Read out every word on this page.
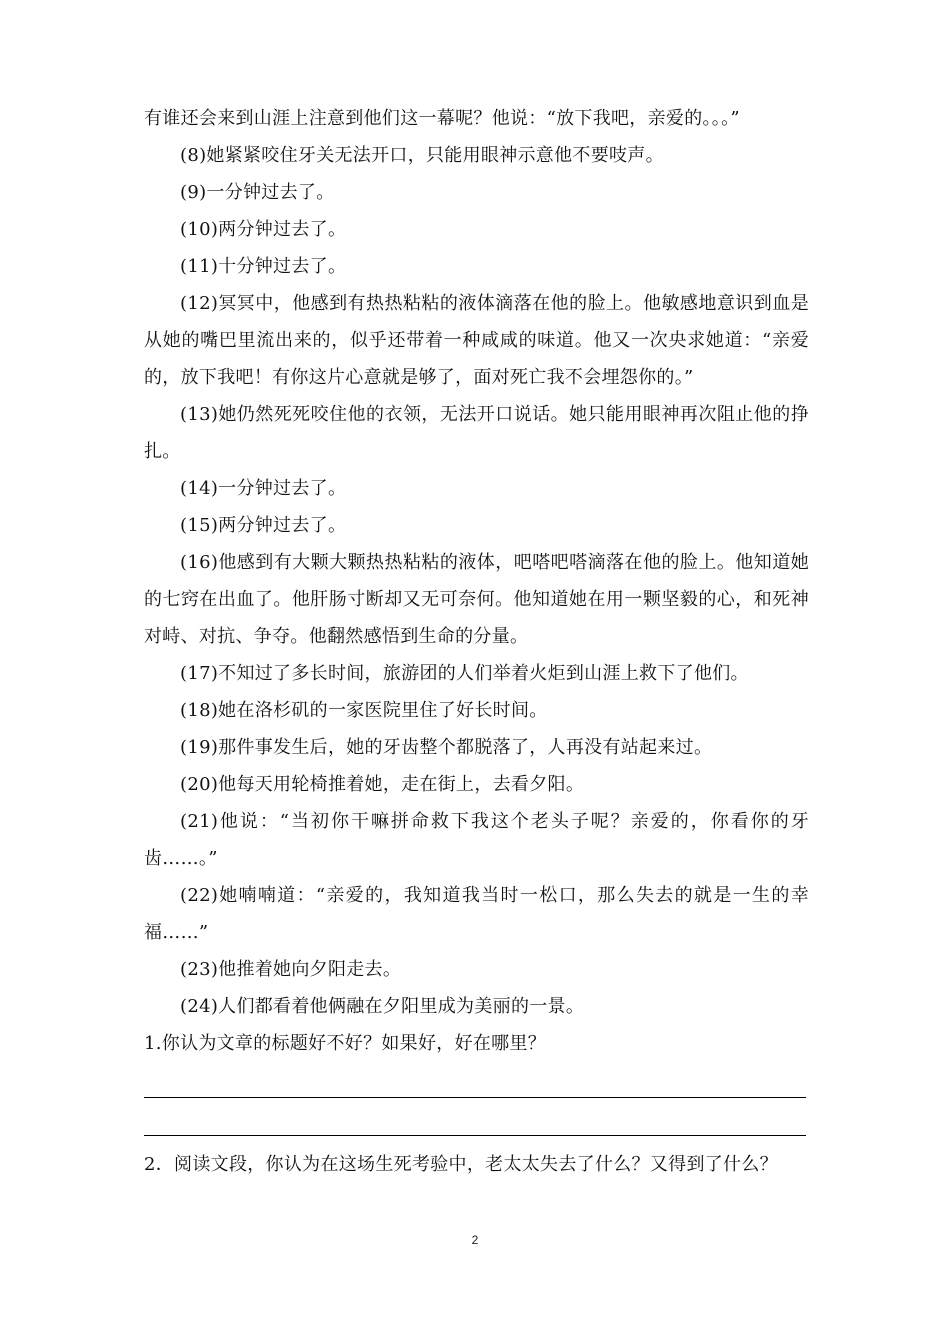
有谁还会来到山涯上注意到他们这一幕呢？他说：“放下我吧，亲爱的。。。”

(8)她紧紧咬住牙关无法开口，只能用眼神示意他不要吱声。

(9)一分钟过去了。

(10)两分钟过去了。

(11)十分钟过去了。

(12)冥冥中，他感到有热热粘粘的液体滴落在他的脸上。他敏感地意识到血是从她的嘴巴里流出来的，似乎还带着一种咸咸的味道。他又一次央求她道：“亲爱的，放下我吧！有你这片心意就是够了，面对死亡我不会埋怨你的。”

(13)她仍然死死咬住他的衣领，无法开口说话。她只能用眼神再次阻止他的挣扎。

(14)一分钟过去了。

(15)两分钟过去了。

(16)他感到有大颗大颗热热粘粘的液体，吧嗒吧嗒滴落在他的脸上。他知道她的七窍在出血了。他肝肠寸断却又无可奈何。他知道她在用一颗坚毅的心，和死神对峙、对抗、争夺。他翻然感悟到生命的分量。

(17)不知过了多长时间，旅游团的人们举着火炬到山涯上救下了他们。

(18)她在洛杉矶的一家医院里住了好长时间。

(19)那件事发生后，她的牙齿整个都脱落了，人再没有站起来过。

(20)他每天用轮椅推着她，走在街上，去看夕阳。

(21)他说：“当初你干嘛拼命救下我这个老头子呢？亲爱的，你看你的牙齿……。”

(22)她喃喃道：“亲爱的，我知道我当时一松口，那么失去的就是一生的幸福……”

(23)他推着她向夕阳走去。

(24)人们都看着他俩融在夕阳里成为美丽的一景。

1.你认为文章的标题好不好？如果好，好在哪里？

2．阅读文段，你认为在这场生死考验中，老太太失去了什么？又得到了什么？

2
